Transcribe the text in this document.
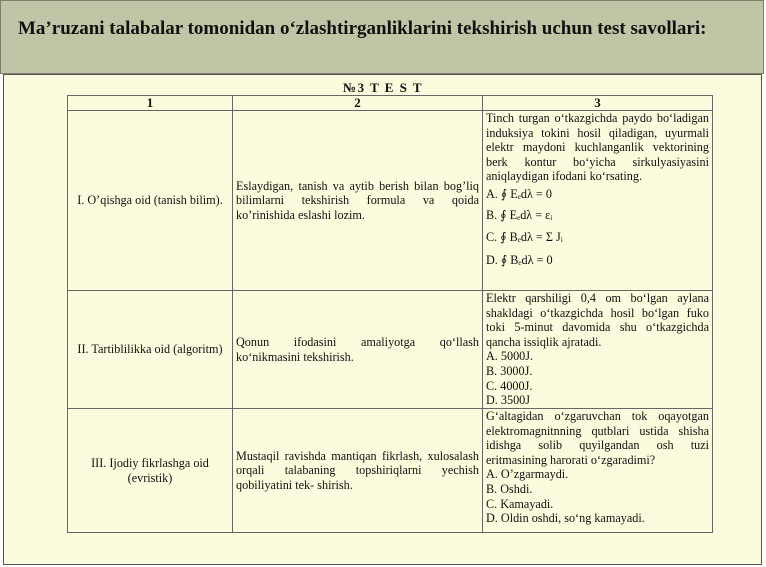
Ma’ruzani talabalar tomonidan o‘zlashtirganliklarini tekshirish uchun test savollari:
№3 T E S T
1	2	3
I. O’qishga oid (tanish bilim).	Eslaydigan, tanish va aytib berish bilan bog’liq bilimlarni tekshirish formula va qoida ko’rinishida eslashi lozim.	Tinch turgan o‘tkazgichda paydo bo‘ladigan induksiya tokini hosil qiladigan, uyurmali elektr maydoni kuchlanganlik vektorining berk kontur bo‘yicha sirkulyasiyasini aniqlaydigan ifodani ko‘rsating.
A. ∮ Eₑdλ = 0
B. ∮ Eₑdλ = εᵢ
C. ∮ Bₑdλ = Σ Jᵢ
D. ∮ Bₑdλ = 0

II. Tartiblilikka oid (algoritm)	Qonun ifodasini amaliyotga qo‘llash ko‘nikmasini tekshirish.	Elektr qarshiligi 0,4 om bo‘lgan aylana shakldagi o‘tkazgichda hosil bo‘lgan fuko toki 5-minut davomida shu o‘tkazgichda qancha issiqlik ajratadi.
A. 5000J.
B. 3000J.
C. 4000J.
D. 3500J

III. Ijodiy fikrlashga oid (evristik)	Mustaqil ravishda mantiqan fikrlash, xulosalash orqali talabaning topshiriqlarni yechish qobiliyatini tek- shirish.	G‘altagidan o‘zgaruvchan tok oqayotgan elektromagnitnning qutblari ustida shisha idishga solib quyilgandan osh tuzi eritmasining harorati o‘zgaradimi?
A. O’zgarmaydi.
B. Oshdi.
C. Kamayadi.
D. Oldin oshdi, so‘ng kamayadi.
